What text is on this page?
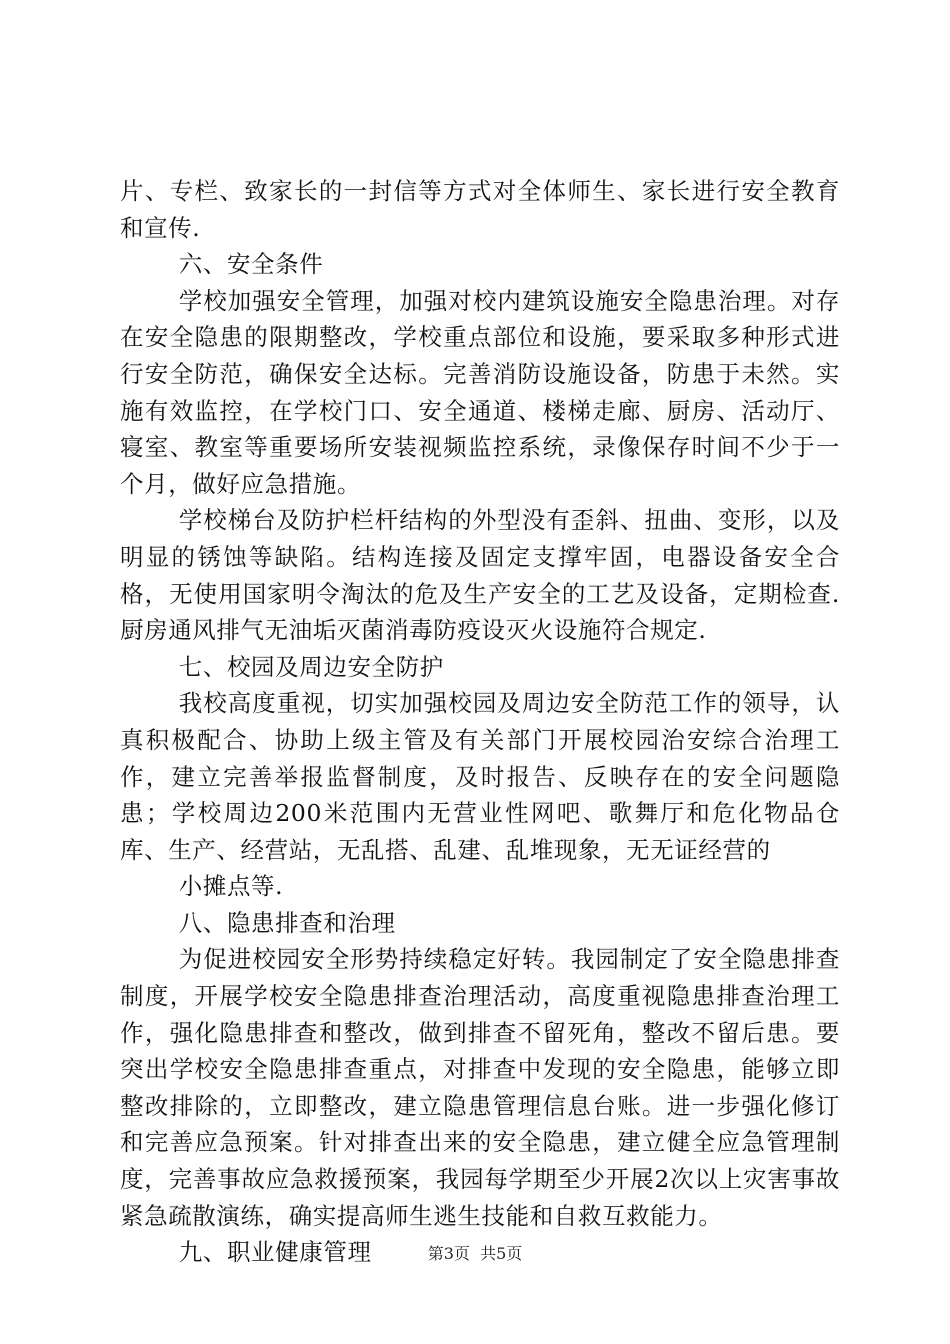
片、专栏、致家长的一封信等方式对全体师生、家长进行安全教育和宣传.

六、安全条件

学校加强安全管理，加强对校内建筑设施安全隐患治理。对存在安全隐患的限期整改，学校重点部位和设施，要采取多种形式进行安全防范，确保安全达标。完善消防设施设备，防患于未然。实施有效监控，在学校门口、安全通道、楼梯走廊、厨房、活动厅、寝室、教室等重要场所安装视频监控系统，录像保存时间不少于一个月，做好应急措施。

学校梯台及防护栏杆结构的外型没有歪斜、扭曲、变形，以及明显的锈蚀等缺陷。结构连接及固定支撑牢固，电器设备安全合格，无使用国家明令淘汰的危及生产安全的工艺及设备，定期检查.厨房通风排气无油垢灭菌消毒防疫设灭火设施符合规定.

七、校园及周边安全防护

我校高度重视，切实加强校园及周边安全防范工作的领导，认真积极配合、协助上级主管及有关部门开展校园治安综合治理工作，建立完善举报监督制度，及时报告、反映存在的安全问题隐患；学校周边200米范围内无营业性网吧、歌舞厅和危化物品仓库、生产、经营站，无乱搭、乱建、乱堆现象，无无证经营的

小摊点等.

八、隐患排查和治理

为促进校园安全形势持续稳定好转。我园制定了安全隐患排查制度，开展学校安全隐患排查治理活动，高度重视隐患排查治理工作，强化隐患排查和整改，做到排查不留死角，整改不留后患。要突出学校安全隐患排查重点，对排查中发现的安全隐患，能够立即整改排除的，立即整改，建立隐患管理信息台账。进一步强化修订和完善应急预案。针对排查出来的安全隐患，建立健全应急管理制度，完善事故应急救援预案，我园每学期至少开展2次以上灾害事故紧急疏散演练，确实提高师生逃生技能和自救互救能力。

九、职业健康管理	第3页  共5页
